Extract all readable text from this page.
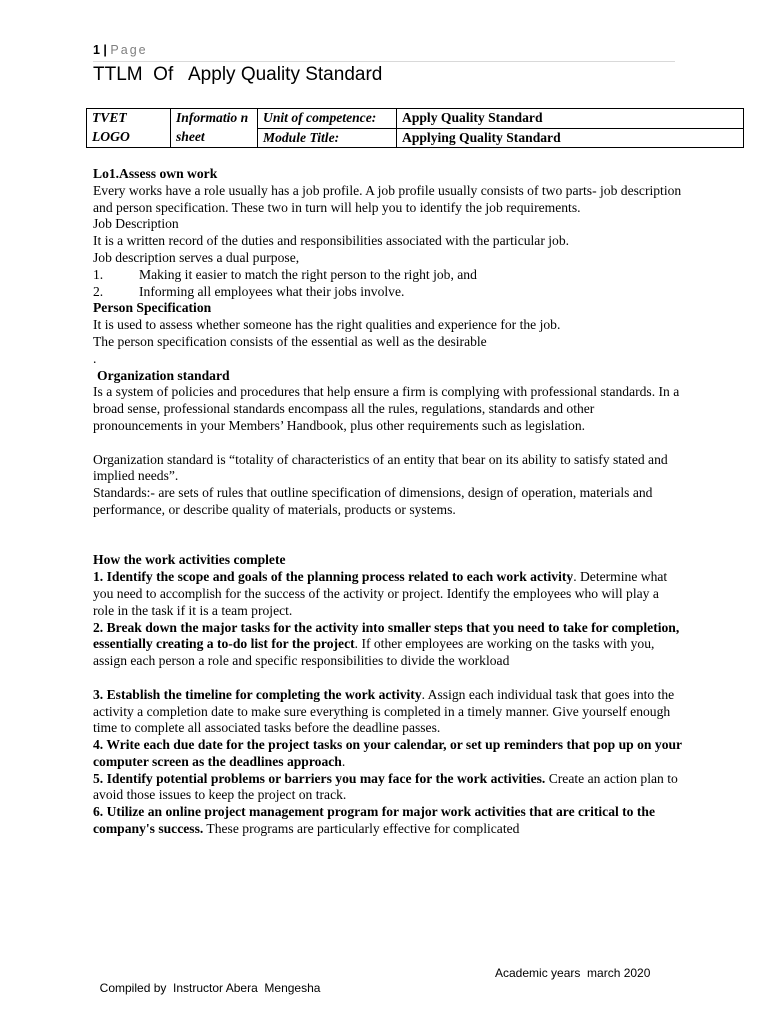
1 | Page
TTLM  Of   Apply Quality Standard
TVET LOGO	Informatio n sheet	Unit of competence:	Apply Quality Standard
		Module Title:	Applying Quality Standard

Lo1.Assess own work

Every works have a role usually has a job profile. A job profile usually consists of two parts- job description and person specification. These two in turn will help you to identify the job requirements.

Job Description

It is a written record of the duties and responsibilities associated with the particular job.

Job description serves a dual purpose,

1.	Making it easier to match the right person to the right job, and
2.	Informing all employees what their jobs involve.

Person Specification

It is used to assess whether someone has the right qualities and experience for the job.

The person specification consists of the essential as well as the desirable

.

Organization standard

Is a system of policies and procedures that help ensure a firm is complying with professional standards. In a broad sense, professional standards encompass all the rules, regulations, standards and other pronouncements in your Members’ Handbook, plus other requirements such as legislation.

Organization standard is “totality of characteristics of an entity that bear on its ability to satisfy stated and implied needs”.

Standards:- are sets of rules that outline specification of dimensions, design of operation, materials and performance, or describe quality of materials, products or systems.

How the work activities complete

1. Identify the scope and goals of the planning process related to each work activity. Determine what you need to accomplish for the success of the activity or project. Identify the employees who will play a role in the task if it is a team project.

2. Break down the major tasks for the activity into smaller steps that you need to take for completion, essentially creating a to-do list for the project. If other employees are working on the tasks with you, assign each person a role and specific responsibilities to divide the workload

3. Establish the timeline for completing the work activity. Assign each individual task that goes into the activity a completion date to make sure everything is completed in a timely manner. Give yourself enough time to complete all associated tasks before the deadline passes.

4. Write each due date for the project tasks on your calendar, or set up reminders that pop up on your computer screen as the deadlines approach.

5. Identify potential problems or barriers you may face for the work activities. Create an action plan to avoid those issues to keep the project on track.

6. Utilize an online project management program for major work activities that are critical to the company's success. These programs are particularly effective for complicated

Compiled by  Instructor Abera  Mengesha

Academic years  march 2020
